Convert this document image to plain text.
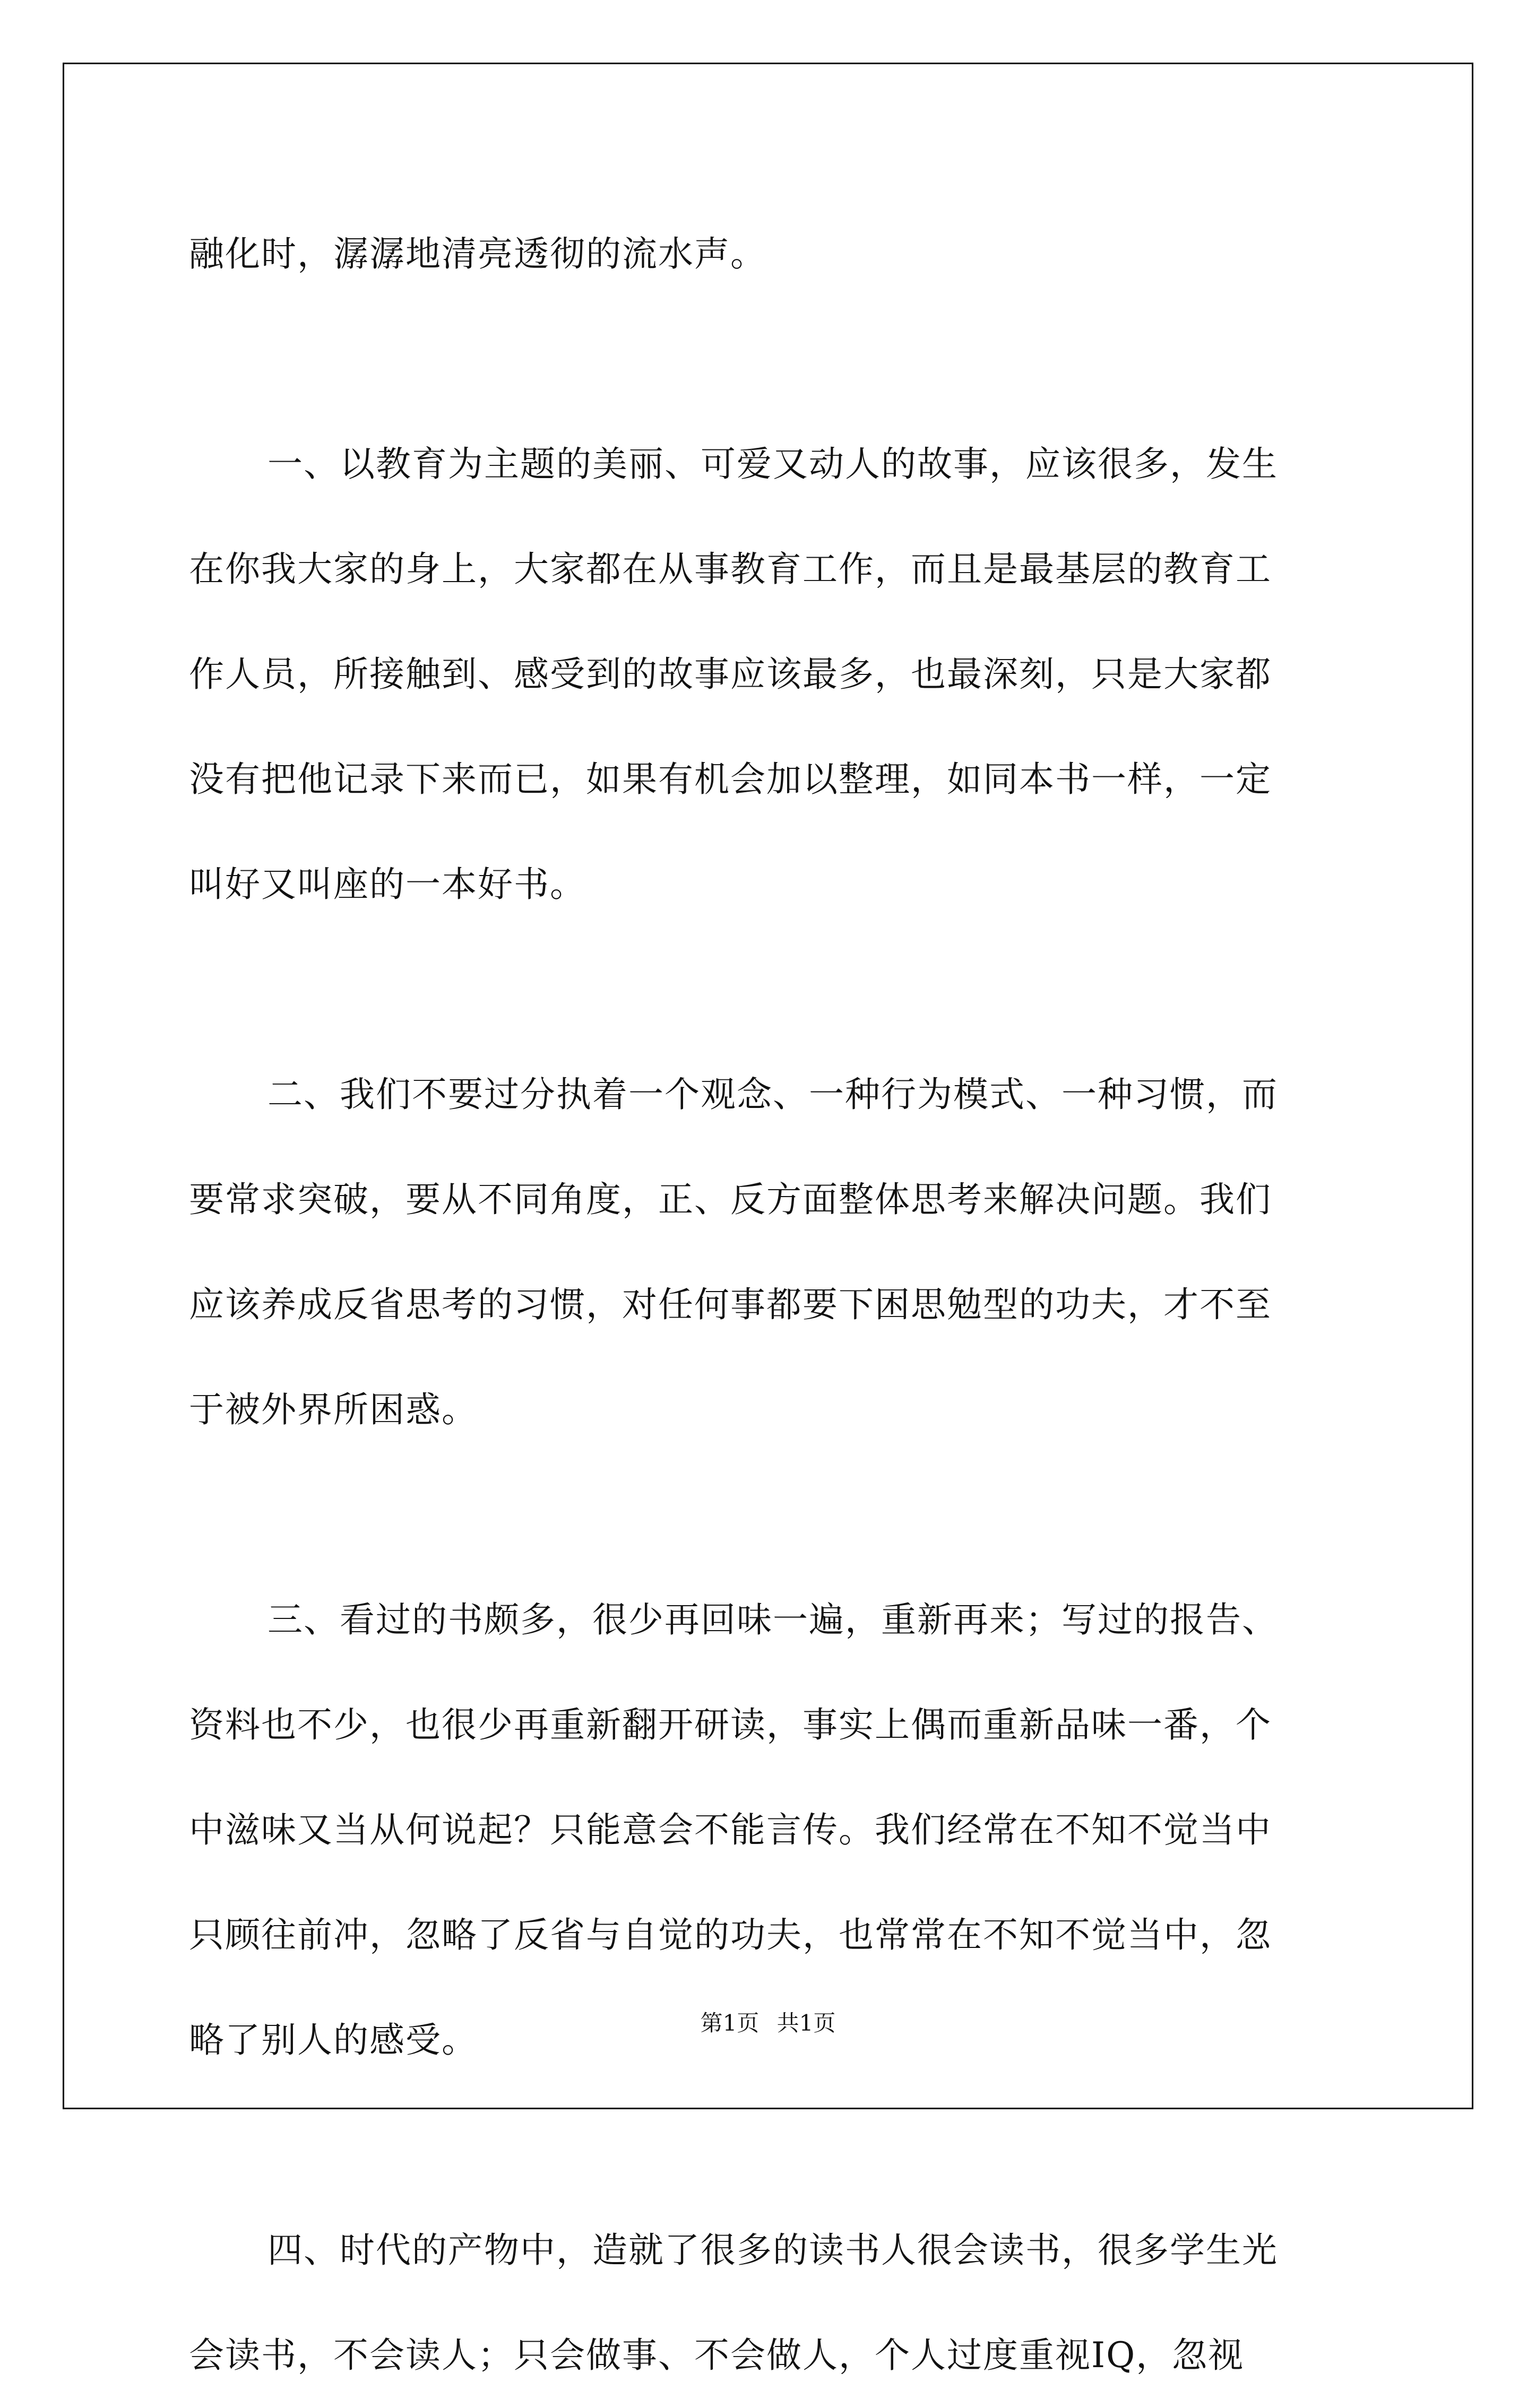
融化时，潺潺地清亮透彻的流水声。
一、以教育为主题的美丽、可爱又动人的故事，应该很多，发生
在你我大家的身上，大家都在从事教育工作，而且是最基层的教育工
作人员，所接触到、感受到的故事应该最多，也最深刻，只是大家都
没有把他记录下来而已，如果有机会加以整理，如同本书一样，一定
叫好又叫座的一本好书。
二、我们不要过分执着一个观念、一种行为模式、一种习惯，而
要常求突破，要从不同角度，正、反方面整体思考来解决问题。我们
应该养成反省思考的习惯，对任何事都要下困思勉型的功夫，才不至
于被外界所困惑。
三、看过的书颇多，很少再回味一遍，重新再来；写过的报告、
资料也不少，也很少再重新翻开研读，事实上偶而重新品味一番，个
中滋味又当从何说起？只能意会不能言传。我们经常在不知不觉当中
只顾往前冲，忽略了反省与自觉的功夫，也常常在不知不觉当中，忽
略了别人的感受。
四、时代的产物中，造就了很多的读书人很会读书，很多学生光
会读书，不会读人；只会做事、不会做人，个人过度重视IQ，忽视
第1页 共1页
